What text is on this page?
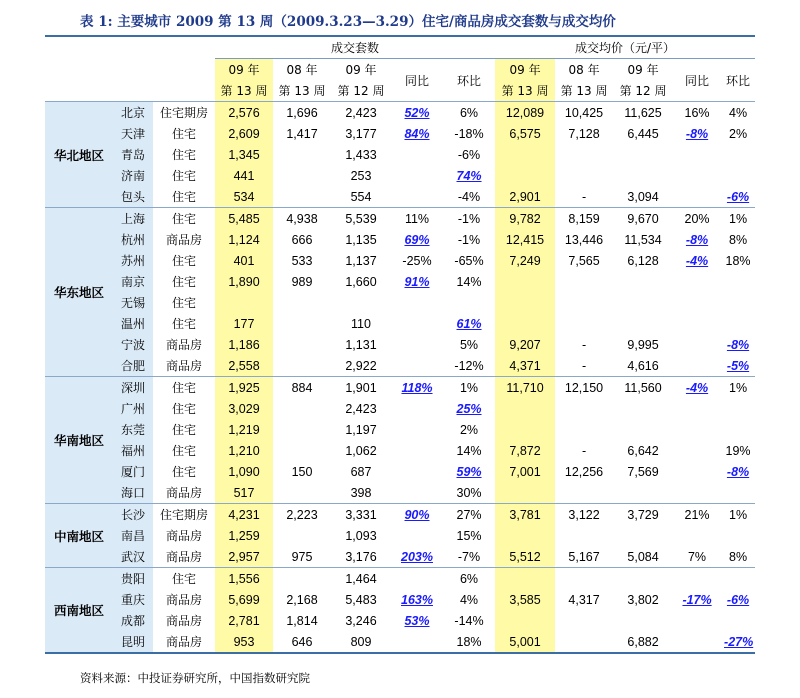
表 1: 主要城市 2009 第 13 周（2009.3.23—3.29）住宅/商品房成交套数与成交均价
			成交套数					成交均价（元/平）				
			09 年	08 年	09 年	同比	环比	09 年	08 年	09 年	同比	环比
			第 13 周	第 13 周	第 12 周			第 13 周	第 13 周	第 12 周		
华北地区	北京	住宅期房	2,576	1,696	2,423	52%	6%	12,089	10,425	11,625	16%	4%
	天津	住宅	2,609	1,417	3,177	84%	-18%	6,575	7,128	6,445	-8%	2%
	青岛	住宅	1,345		1,433		-6%					
	济南	住宅	441		253		74%					
	包头	住宅	534		554		-4%	2,901	-	3,094		-6%
华东地区	上海	住宅	5,485	4,938	5,539	11%	-1%	9,782	8,159	9,670	20%	1%
	杭州	商品房	1,124	666	1,135	69%	-1%	12,415	13,446	11,534	-8%	8%
	苏州	住宅	401	533	1,137	-25%	-65%	7,249	7,565	6,128	-4%	18%
	南京	住宅	1,890	989	1,660	91%	14%					
	无锡	住宅										
	温州	住宅	177		110		61%					
	宁波	商品房	1,186		1,131		5%	9,207	-	9,995		-8%
	合肥	商品房	2,558		2,922		-12%	4,371	-	4,616		-5%
华南地区	深圳	住宅	1,925	884	1,901	118%	1%	11,710	12,150	11,560	-4%	1%
	广州	住宅	3,029		2,423		25%					
	东莞	住宅	1,219		1,197		2%					
	福州	住宅	1,210		1,062		14%	7,872	-	6,642		19%
	厦门	住宅	1,090	150	687		59%	7,001	12,256	7,569		-8%
	海口	商品房	517		398		30%					
中南地区	长沙	住宅期房	4,231	2,223	3,331	90%	27%	3,781	3,122	3,729	21%	1%
	南昌	商品房	1,259		1,093		15%					
	武汉	商品房	2,957	975	3,176	203%	-7%	5,512	5,167	5,084	7%	8%
西南地区	贵阳	住宅	1,556		1,464		6%					
	重庆	商品房	5,699	2,168	5,483	163%	4%	3,585	4,317	3,802	-17%	-6%
	成都	商品房	2,781	1,814	3,246	53%	-14%					
	昆明	商品房	953	646	809		18%	5,001		6,882		-27%
资料来源：中投证券研究所，中国指数研究院
